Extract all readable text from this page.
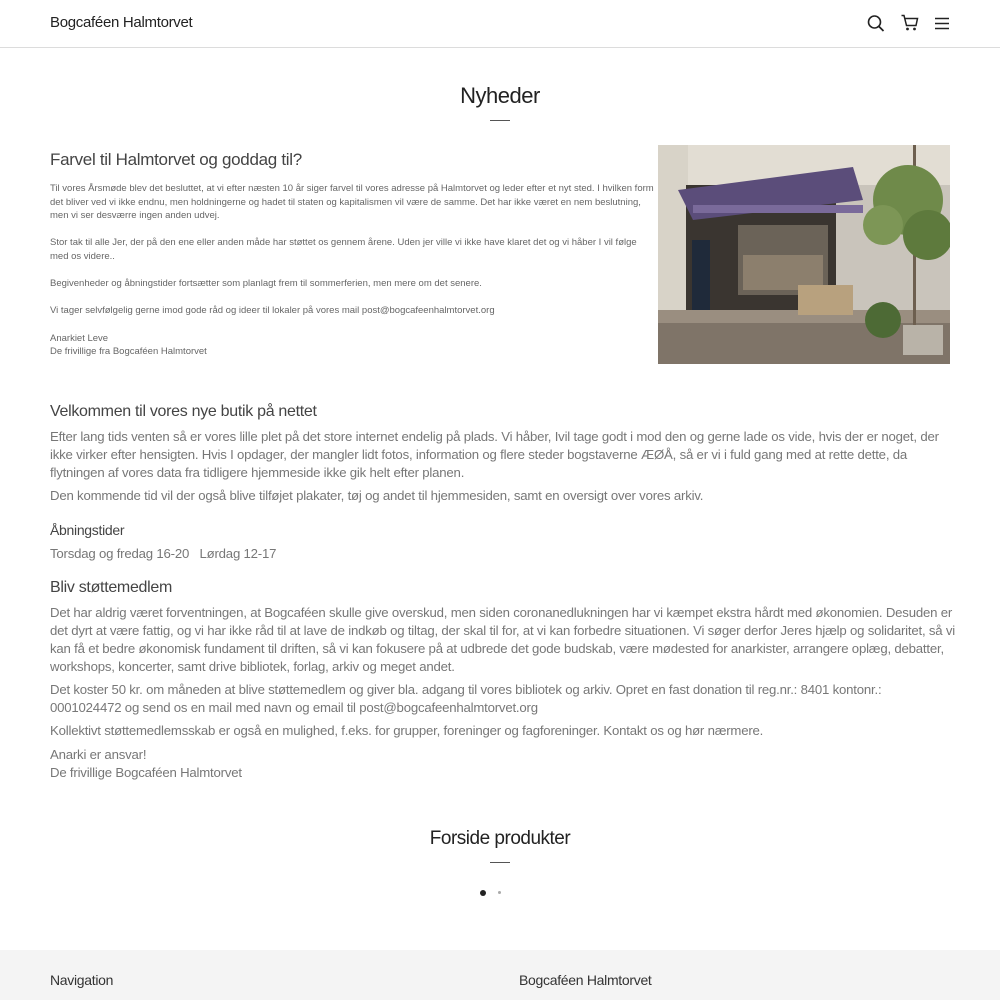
Bogcaféen Halmtorvet
Nyheder
Farvel til Halmtorvet og goddag til?

Til vores Årsmøde blev det besluttet, at vi efter næsten 10 år siger farvel til vores adresse på Halmtorvet og leder efter et nyt sted. I hvilken form det bliver ved vi ikke endnu, men holdningerne og hadet til staten og kapitalismen vil være de samme. Det har ikke været en nem beslutning, men vi ser desværre ingen anden udvej.

Stor tak til alle Jer, der på den ene eller anden måde har støttet os gennem årene. Uden jer ville vi ikke have klaret det og vi håber I vil følge med os videre..

Begivenheder og åbningstider fortsætter som planlagt frem til sommerferien, men mere om det senere.

Vi tager selvfølgelig gerne imod gode råd og ideer til lokaler på vores mail post@bogcafeenhalmtorvet.org

Anarkiet Leve
De frivillige fra Bogcaféen Halmtorvet

Velkommen til vores nye butik på nettet
Efter lang tids venten så er vores lille plet på det store internet endelig på plads. Vi håber, Ivil tage godt i mod den og gerne lade os vide, hvis der er noget, der ikke virker efter hensigten. Hvis I opdager, der mangler lidt fotos, information og flere steder bogstaverne ÆØÅ, så er vi i fuld gang med at rette dette, da flytningen af vores data fra tidligere hjemmeside ikke gik helt efter planen.
Den kommende tid vil der også blive tilføjet plakater, tøj og andet til hjemmesiden, samt en oversigt over vores arkiv.
Åbningstider
Torsdag og fredag 16-20   Lørdag 12-17
Bliv støttemedlem
Det har aldrig været forventningen, at Bogcaféen skulle give overskud, men siden coronanedlukningen har vi kæmpet ekstra hårdt med økonomien. Desuden er det dyrt at være fattig, og vi har ikke råd til at lave de indkøb og tiltag, der skal til for, at vi kan forbedre situationen. Vi søger derfor Jeres hjælp og solidaritet, så vi kan få et bedre økonomisk fundament til driften, så vi kan fokusere på at udbrede det gode budskab, være mødested for anarkister, arrangere oplæg, debatter, workshops, koncerter, samt drive bibliotek, forlag, arkiv og meget andet.
Det koster 50 kr. om måneden at blive støttemedlem og giver bla. adgang til vores bibliotek og arkiv. Opret en fast donation til reg.nr.: 8401 kontonr.: 0001024472 og send os en mail med navn og email til post@bogcafeenhalmtorvet.org
Kollektivt støttemedlemsskab er også en mulighed, f.eks. for grupper, foreninger og fagforeninger. Kontakt os og hør nærmere.
Anarki er ansvar!
De frivillige Bogcaféen Halmtorvet
Forside produkter
Navigation	Bogcaféen Halmtorvet
